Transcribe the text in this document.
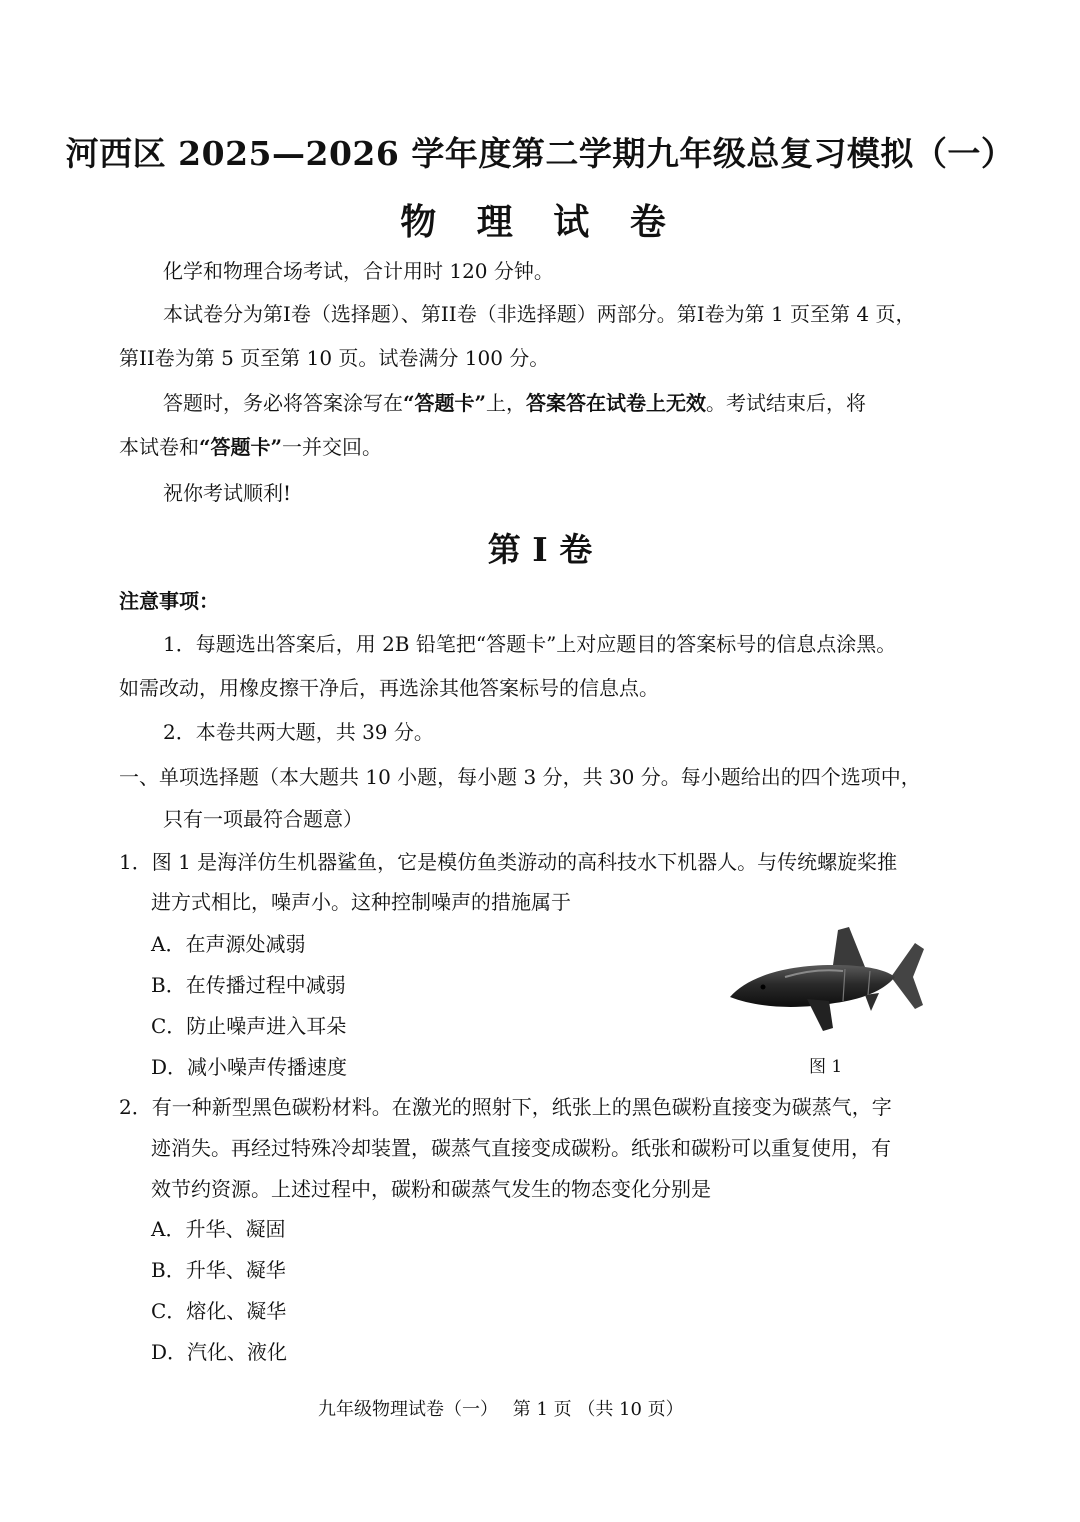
河西区 2025—2026 学年度第二学期九年级总复习模拟（一）
物 理 试 卷
化学和物理合场考试，合计用时 120 分钟。
本试卷分为第I卷（选择题）、第II卷（非选择题）两部分。第I卷为第 1 页至第 4 页，
第II卷为第 5 页至第 10 页。试卷满分 100 分。
答题时，务必将答案涂写在“答题卡”上，答案答在试卷上无效。考试结束后，将
本试卷和“答题卡”一并交回。
祝你考试顺利!
第 I 卷
注意事项：
1．每题选出答案后，用 2B 铅笔把“答题卡”上对应题目的答案标号的信息点涂黑。
如需改动，用橡皮擦干净后，再选涂其他答案标号的信息点。
2．本卷共两大题，共 39 分。
一、单项选择题（本大题共 10 小题，每小题 3 分，共 30 分。每小题给出的四个选项中，
只有一项最符合题意）
1．图 1 是海洋仿生机器鲨鱼，它是模仿鱼类游动的高科技水下机器人。与传统螺旋桨推
进方式相比，噪声小。这种控制噪声的措施属于
A．在声源处减弱
B．在传播过程中减弱
C．防止噪声进入耳朵
D．减小噪声传播速度	图 1
2．有一种新型黑色碳粉材料。在激光的照射下，纸张上的黑色碳粉直接变为碳蒸气，字
迹消失。再经过特殊冷却装置，碳蒸气直接变成碳粉。纸张和碳粉可以重复使用，有
效节约资源。上述过程中，碳粉和碳蒸气发生的物态变化分别是
A．升华、凝固
B．升华、凝华
C．熔化、凝华
D．汽化、液化
九年级物理试卷（一）　 第 1 页 （共 10 页）
